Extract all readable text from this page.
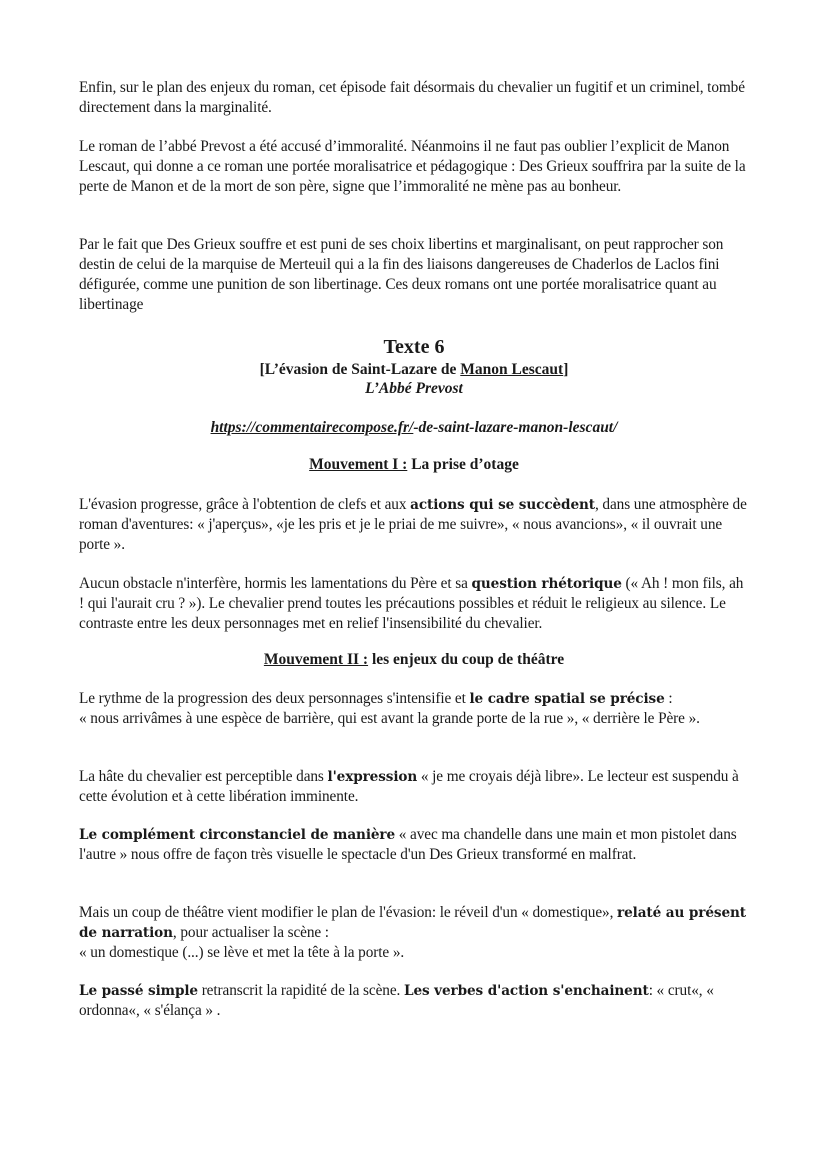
Enfin, sur le plan des enjeux du roman, cet épisode fait désormais du chevalier un fugitif et un criminel, tombé directement dans la marginalité.
Le roman de l’abbé Prevost a été accusé d’immoralité. Néanmoins il ne faut pas oublier l’explicit de Manon Lescaut, qui donne a ce roman une portée moralisatrice et pédagogique : Des Grieux souffrira par la suite de la perte de Manon et de la mort de son père, signe que l’immoralité ne mène pas au bonheur.
Par le fait que Des Grieux souffre et est puni de ses choix libertins et marginalisant, on peut rapprocher son destin de celui de la marquise de Merteuil qui a la fin des liaisons dangereuses de Chaderlos de Laclos fini défigurée, comme une punition de son libertinage. Ces deux romans ont une portée moralisatrice quant au libertinage
Texte 6
[L’évasion de Saint-Lazare de Manon Lescaut]
L’Abbé Prevost
https://commentairecompose.fr/-de-saint-lazare-manon-lescaut/
Mouvement I : La prise d’otage
L'évasion progresse, grâce à l'obtention de clefs et aux actions qui se succèdent, dans une atmosphère de roman d'aventures: « j'aperçus», «je les pris et je le priai de me suivre», « nous avancions», « il ouvrait une porte ».
Aucun obstacle n'interfère, hormis les lamentations du Père et sa question rhétorique (« Ah ! mon fils, ah ! qui l'aurait cru ? »). Le chevalier prend toutes les précautions possibles et réduit le religieux au silence. Le contraste entre les deux personnages met en relief l'insensibilité du chevalier.
Mouvement II : les enjeux du coup de théâtre
Le rythme de la progression des deux personnages s'intensifie et le cadre spatial se précise :
« nous arrivâmes à une espèce de barrière, qui est avant la grande porte de la rue », « derrière le Père ».
La hâte du chevalier est perceptible dans l'expression « je me croyais déjà libre». Le lecteur est suspendu à cette évolution et à cette libération imminente.
Le complément circonstanciel de manière « avec ma chandelle dans une main et mon pistolet dans l'autre » nous offre de façon très visuelle le spectacle d'un Des Grieux transformé en malfrat.
Mais un coup de théâtre vient modifier le plan de l'évasion: le réveil d'un « domestique», relaté au présent de narration, pour actualiser la scène :
« un domestique (...) se lève et met la tête à la porte ».
Le passé simple retranscrit la rapidité de la scène. Les verbes d'action s'enchainent: « crut«, « ordonna«, « s'élança » .
